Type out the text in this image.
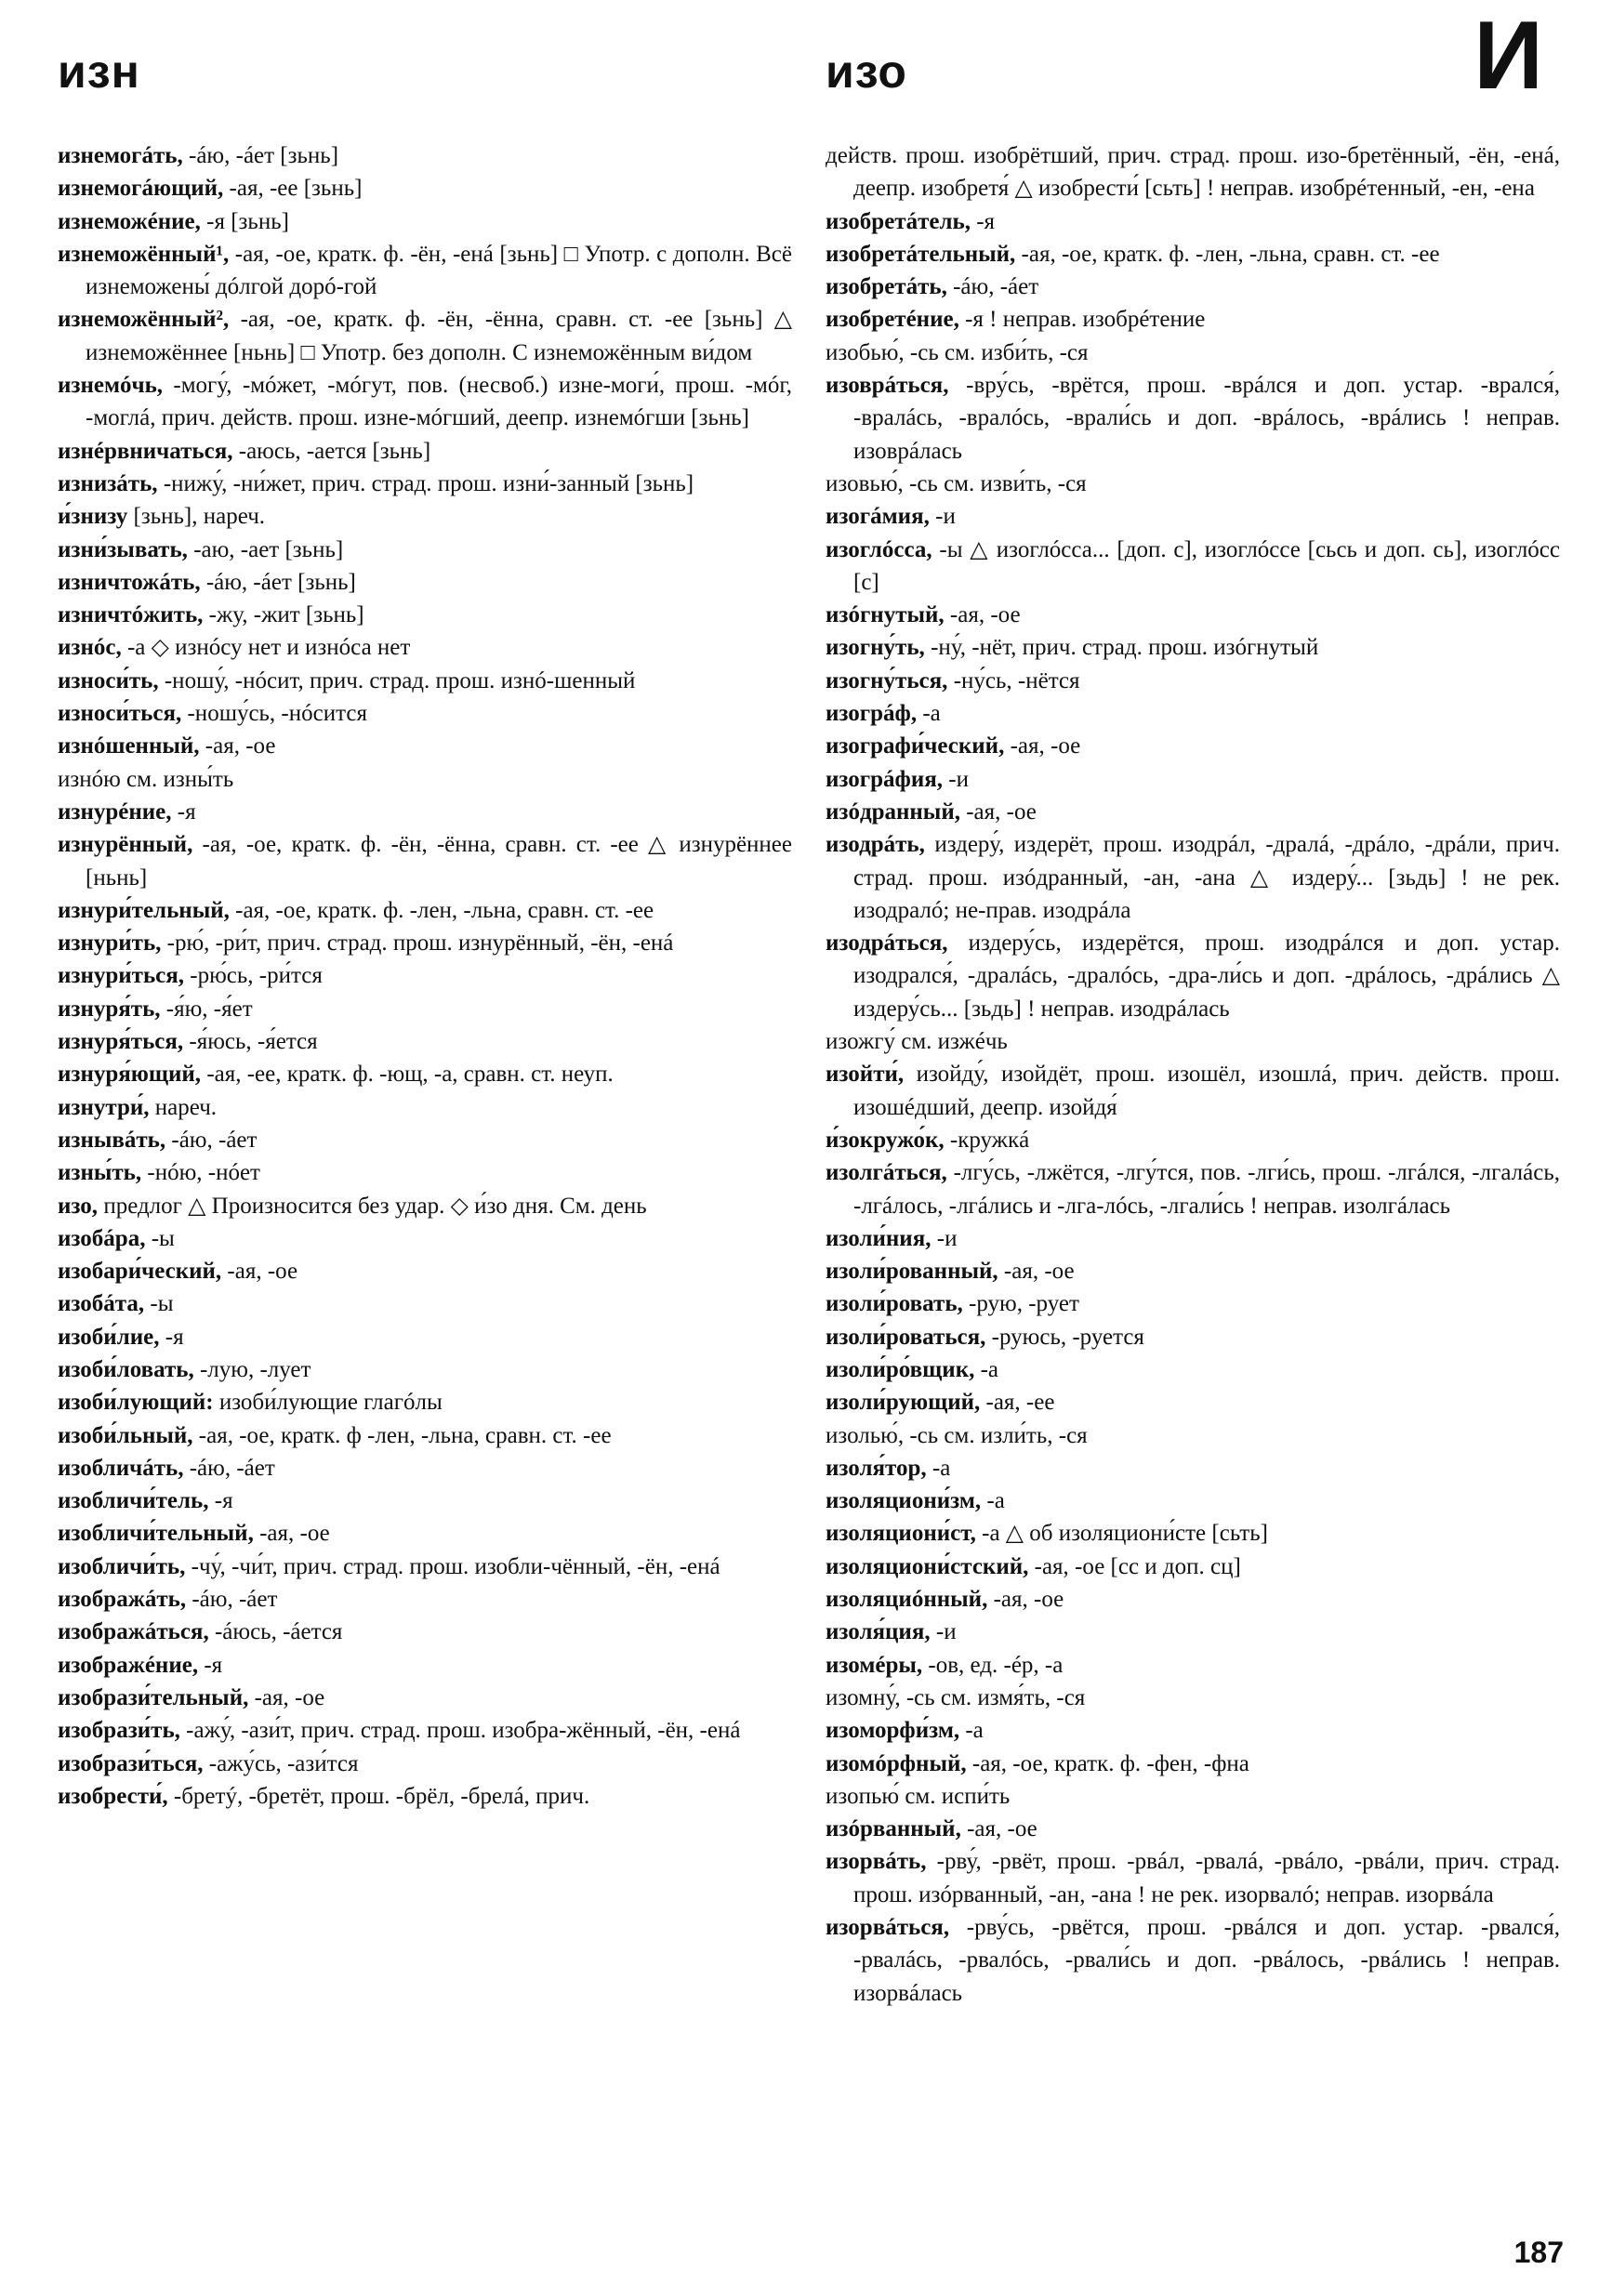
изн	изо	И

изнемогáть, -áю, -áет [зьнь]

изнемогáющий, -ая, -ее [зьнь]

изнеможéние, -я [зьнь]

изнеможённый¹, -ая, -ое, кратк. ф. -ён, -енá [зьнь] □ Употр. с дополн. Всё изнеможены́ дóлгой дорó-гой

изнеможённый², -ая, -ое, кратк. ф. -ён, -ённа, сравн. ст. -ее [зьнь] △ изнеможённее [ньнь] □ Употр. без дополн. С изнеможённым ви́дом

изнемóчь, -могу́, -мóжет, -мóгут, пов. (несвоб.) изне-моги́, прош. -мóг, -моглá, прич. действ. прош. изне-мóгший, деепр. изнемóгши [зьнь]

изнéрвничаться, -аюсь, -ается [зьнь]

изнизáть, -нижу́, -ни́жет, прич. страд. прош. изни́-занный [зьнь]

и́знизу [зьнь], нареч.

изни́зывать, -аю, -ает [зьнь]

изничтожáть, -áю, -áет [зьнь]

изничтóжить, -жу, -жит [зьнь]

изнóс, -а ◇ изнóсу нет и изнóса нет

износи́ть, -ношу́, -нóсит, прич. страд. прош. изнó-шенный

износи́ться, -ношу́сь, -нóсится

изнóшенный, -ая, -ое

изнóю см. изны́ть

изнурéние, -я

изнурённый, -ая, -ое, кратк. ф. -ён, -ённа, сравн. ст. -ее △ изнурённее [ньнь]

изнури́тельный, -ая, -ое, кратк. ф. -лен, -льна, сравн. ст. -ее

изнури́ть, -рю́, -ри́т, прич. страд. прош. изнурённый, -ён, -енá

изнури́ться, -рю́сь, -ри́тся

изнуря́ть, -я́ю, -я́ет

изнуря́ться, -я́юсь, -я́ется

изнуря́ющий, -ая, -ее, кратк. ф. -ющ, -а, сравн. ст. неуп.

изнутри́, нареч.

изнывáть, -áю, -áет

изны́ть, -нóю, -нóет

изо, предлог △ Произносится без удар. ◇ и́зо дня. См. день

изобáра, -ы

изобари́ческий, -ая, -ое

изобáта, -ы

изоби́лие, -я

изоби́ловать, -лую, -лует

изоби́лующий: изоби́лующие глагóлы

изоби́льный, -ая, -ое, кратк. ф -лен, -льна, сравн. ст. -ее

изобличáть, -áю, -áет

изобличи́тель, -я

изобличи́тельный, -ая, -ое

изобличи́ть, -чу́, -чи́т, прич. страд. прош. изобли-чённый, -ён, -енá

изображáть, -áю, -áет

изображáться, -áюсь, -áется

изображéние, -я

изобрази́тельный, -ая, -ое

изобрази́ть, -ажу́, -ази́т, прич. страд. прош. изобра-жённый, -ён, -енá

изобрази́ться, -ажу́сь, -ази́тся

изобрести́, -бретý, -бретёт, прош. -брёл, -брелá, прич.

действ. прош. изобрётший, прич. страд. прош. изо-бретённый, -ён, -енá, деепр. изобретя́ △ изобрести́ [сьть] ! неправ. изобрéтенный, -ен, -ена

изобретáтель, -я

изобретáтельный, -ая, -ое, кратк. ф. -лен, -льна, сравн. ст. -ее

изобретáть, -áю, -áет

изобретéние, -я ! неправ. изобрéтение

изобью́, -сь см. изби́ть, -ся

изоврáться, -вру́сь, -врётся, прош. -врáлся и доп. устар. -врался́, -вралáсь, -вралóсь, -врали́сь и доп. -врáлось, -врáлись ! неправ. изоврáлась

изовью́, -сь см. изви́ть, -ся

изогáмия, -и

изоглóсса, -ы △ изоглóсса... [доп. с], изоглóссе [сьсь и доп. сь], изоглóсс [с]

изóгнутый, -ая, -ое

изогну́ть, -ну́, -нёт, прич. страд. прош. изóгнутый

изогну́ться, -ну́сь, -нётся

изогрáф, -а

изографи́ческий, -ая, -ое

изогрáфия, -и

изóдранный, -ая, -ое

изодрáть, издеру́, издерёт, прош. изодрáл, -дралá, -дрáло, -дрáли, прич. страд. прош. изóдранный, -ан, -ана △ издеру́... [зьдь] ! не рек. изодралó; не-прав. изодрáла

изодрáться, издеру́сь, издерётся, прош. изодрáлся и доп. устар. изодрался́, -дралáсь, -дралóсь, -дра-ли́сь и доп. -дрáлось, -дрáлись △ издеру́сь... [зьдь] ! неправ. изодрáлась

изожгу́ см. изжéчь

изойти́, изойду́, изойдёт, прош. изошёл, изошлá, прич. действ. прош. изошéдший, деепр. изойдя́

и́зокружо́к, -кружкá

изолгáться, -лгу́сь, -лжётся, -лгу́тся, пов. -лги́сь, прош. -лгáлся, -лгалáсь, -лгáлось, -лгáлись и -лга-лóсь, -лгали́сь ! неправ. изолгáлась

изоли́ния, -и

изоли́рованный, -ая, -ое

изоли́ровать, -рую, -рует

изоли́роваться, -руюсь, -руется

изоли́ро́вщик, -а

изоли́рующий, -ая, -ее

изолью́, -сь см. изли́ть, -ся

изоля́тор, -а

изоляциони́зм, -а

изоляциони́ст, -а △ об изоляциони́сте [сьть]

изоляциони́стский, -ая, -ое [сс и доп. сц]

изоляциóнный, -ая, -ое

изоля́ция, -и

изомéры, -ов, ед. -éр, -а

изомну́, -сь см. измя́ть, -ся

изоморфи́зм, -а

изомóрфный, -ая, -ое, кратк. ф. -фен, -фна

изопью́ см. испи́ть

изóрванный, -ая, -ое

изорвáть, -рву́, -рвёт, прош. -рвáл, -рвалá, -рвáло, -рвáли, прич. страд. прош. изóрванный, -ан, -ана ! не рек. изорвалó; неправ. изорвáла

изорвáться, -рву́сь, -рвётся, прош. -рвáлся и доп. устар. -рвался́, -рвалáсь, -рвалóсь, -рвали́сь и доп. -рвáлось, -рвáлись ! неправ. изорвáлась

187
